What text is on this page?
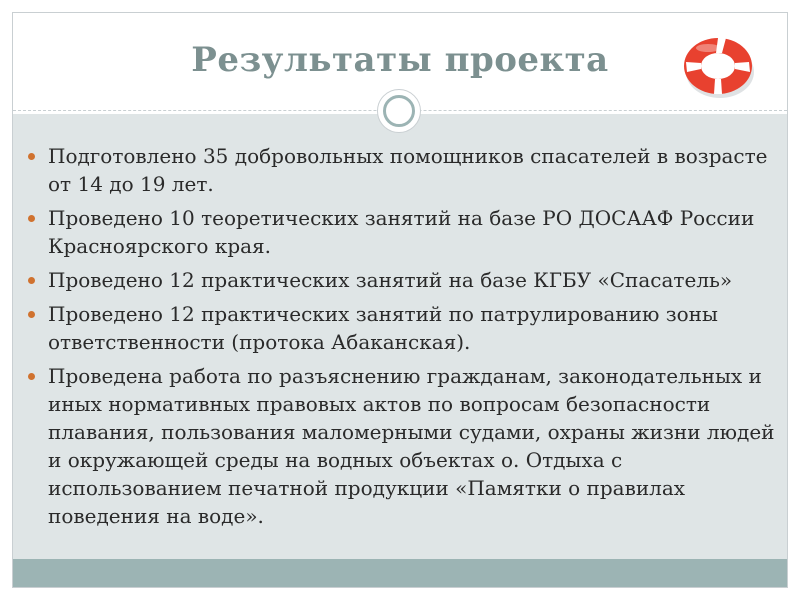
Результаты проекта
Подготовлено 35 добровольных помощников спасателей в возрасте от 14 до 19 лет.
Проведено 10 теоретических занятий на базе РО ДОСААФ России Красноярского края.
Проведено 12 практических занятий на базе КГБУ «Спасатель»
Проведено 12 практических занятий по патрулированию зоны ответственности (протока Абаканская).
Проведена работа по разъяснению гражданам, законодательных и иных нормативных правовых актов по вопросам безопасности плавания, пользования маломерными судами, охраны жизни людей и окружающей среды на водных объектах о. Отдыха с использованием печатной продукции «Памятки о правилах поведения на воде».
